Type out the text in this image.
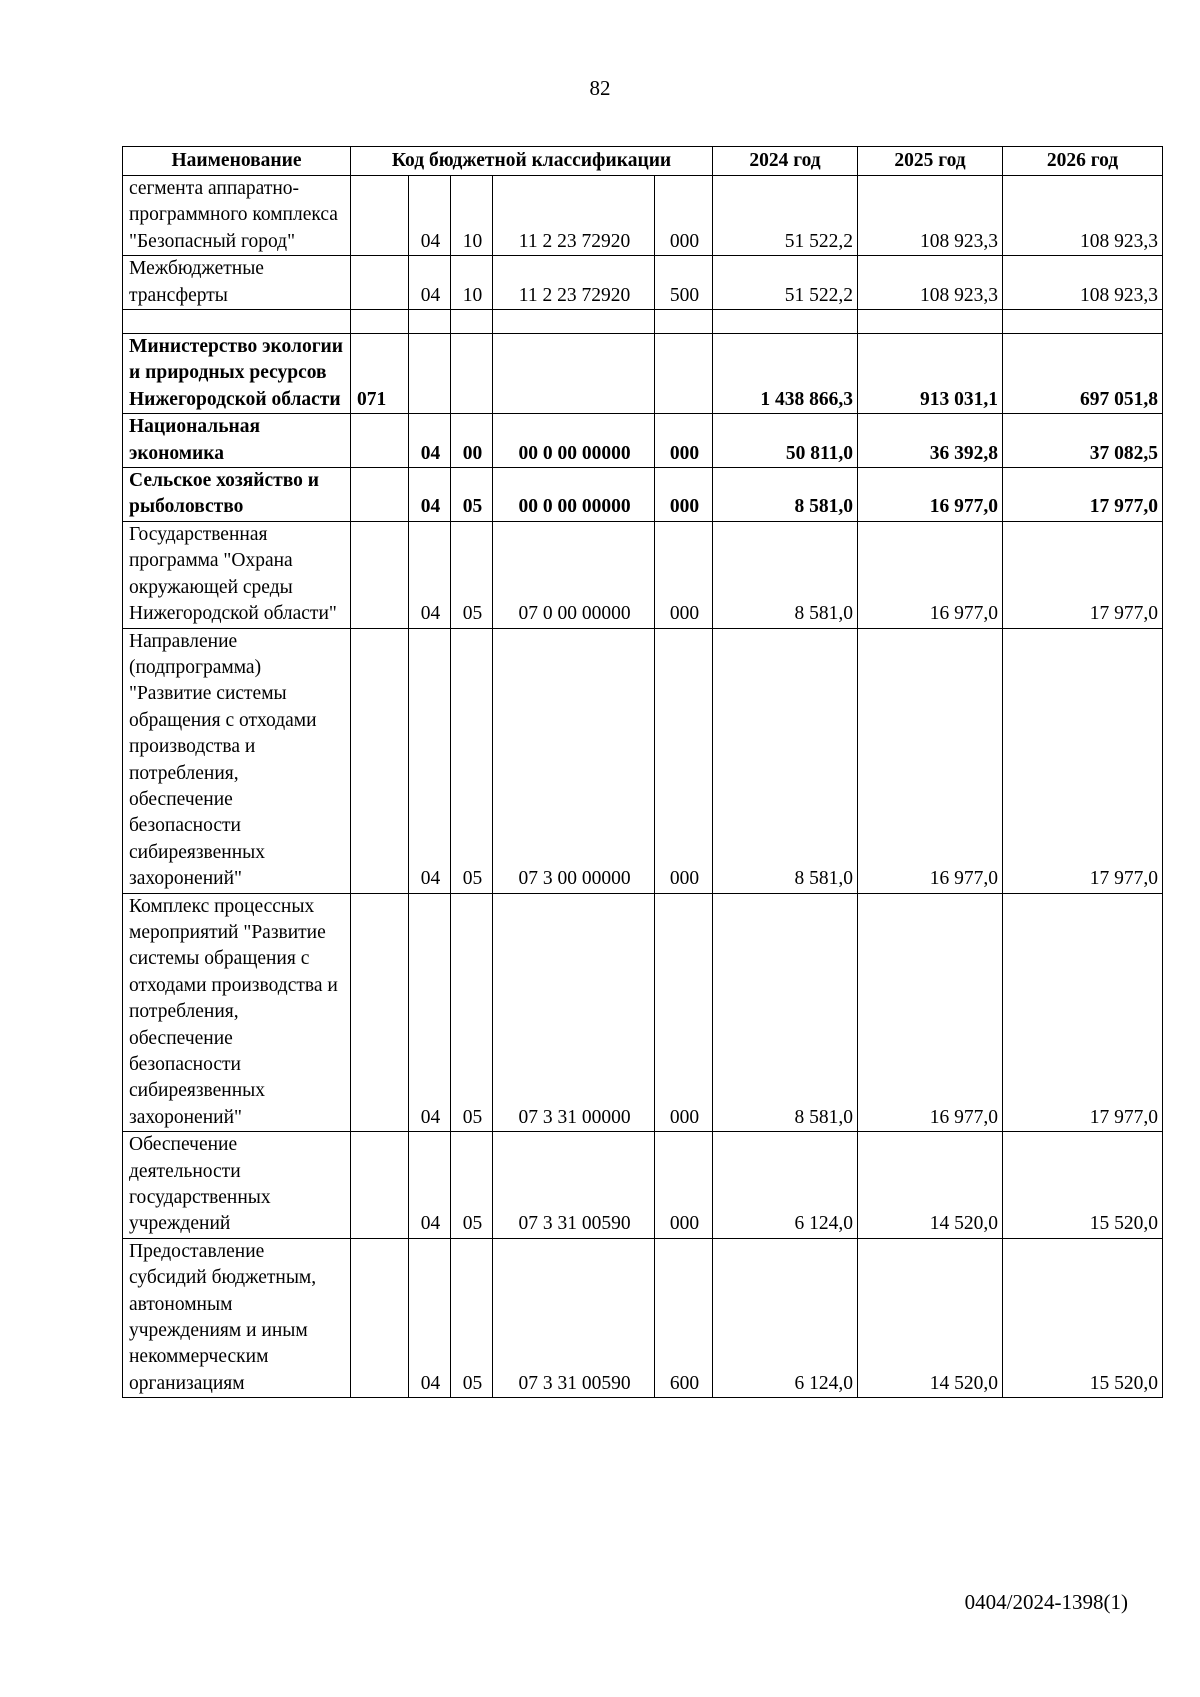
82
Наименование	Код бюджетной классификации					2024 год	2025 год	2026 год
сегмента аппаратно-программного комплекса "Безопасный город"		04	10	11 2 23 72920	000	51 522,2	108 923,3	108 923,3
Межбюджетные трансферты		04	10	11 2 23 72920	500	51 522,2	108 923,3	108 923,3

Министерство экологии и природных ресурсов Нижегородской области	071					1 438 866,3	913 031,1	697 051,8
Национальная экономика		04	00	00 0 00 00000	000	50 811,0	36 392,8	37 082,5
Сельское хозяйство и рыболовство		04	05	00 0 00 00000	000	8 581,0	16 977,0	17 977,0
Государственная программа "Охрана окружающей среды Нижегородской области"		04	05	07 0 00 00000	000	8 581,0	16 977,0	17 977,0
Направление (подпрограмма) "Развитие системы обращения с отходами производства и потребления, обеспечение безопасности сибиреязвенных захоронений"		04	05	07 3 00 00000	000	8 581,0	16 977,0	17 977,0
Комплекс процессных мероприятий "Развитие системы обращения с отходами производства и потребления, обеспечение безопасности сибиреязвенных захоронений"		04	05	07 3 31 00000	000	8 581,0	16 977,0	17 977,0
Обеспечение деятельности государственных учреждений		04	05	07 3 31 00590	000	6 124,0	14 520,0	15 520,0
Предоставление субсидий бюджетным, автономным учреждениям и иным некоммерческим организациям		04	05	07 3 31 00590	600	6 124,0	14 520,0	15 520,0
0404/2024-1398(1)
